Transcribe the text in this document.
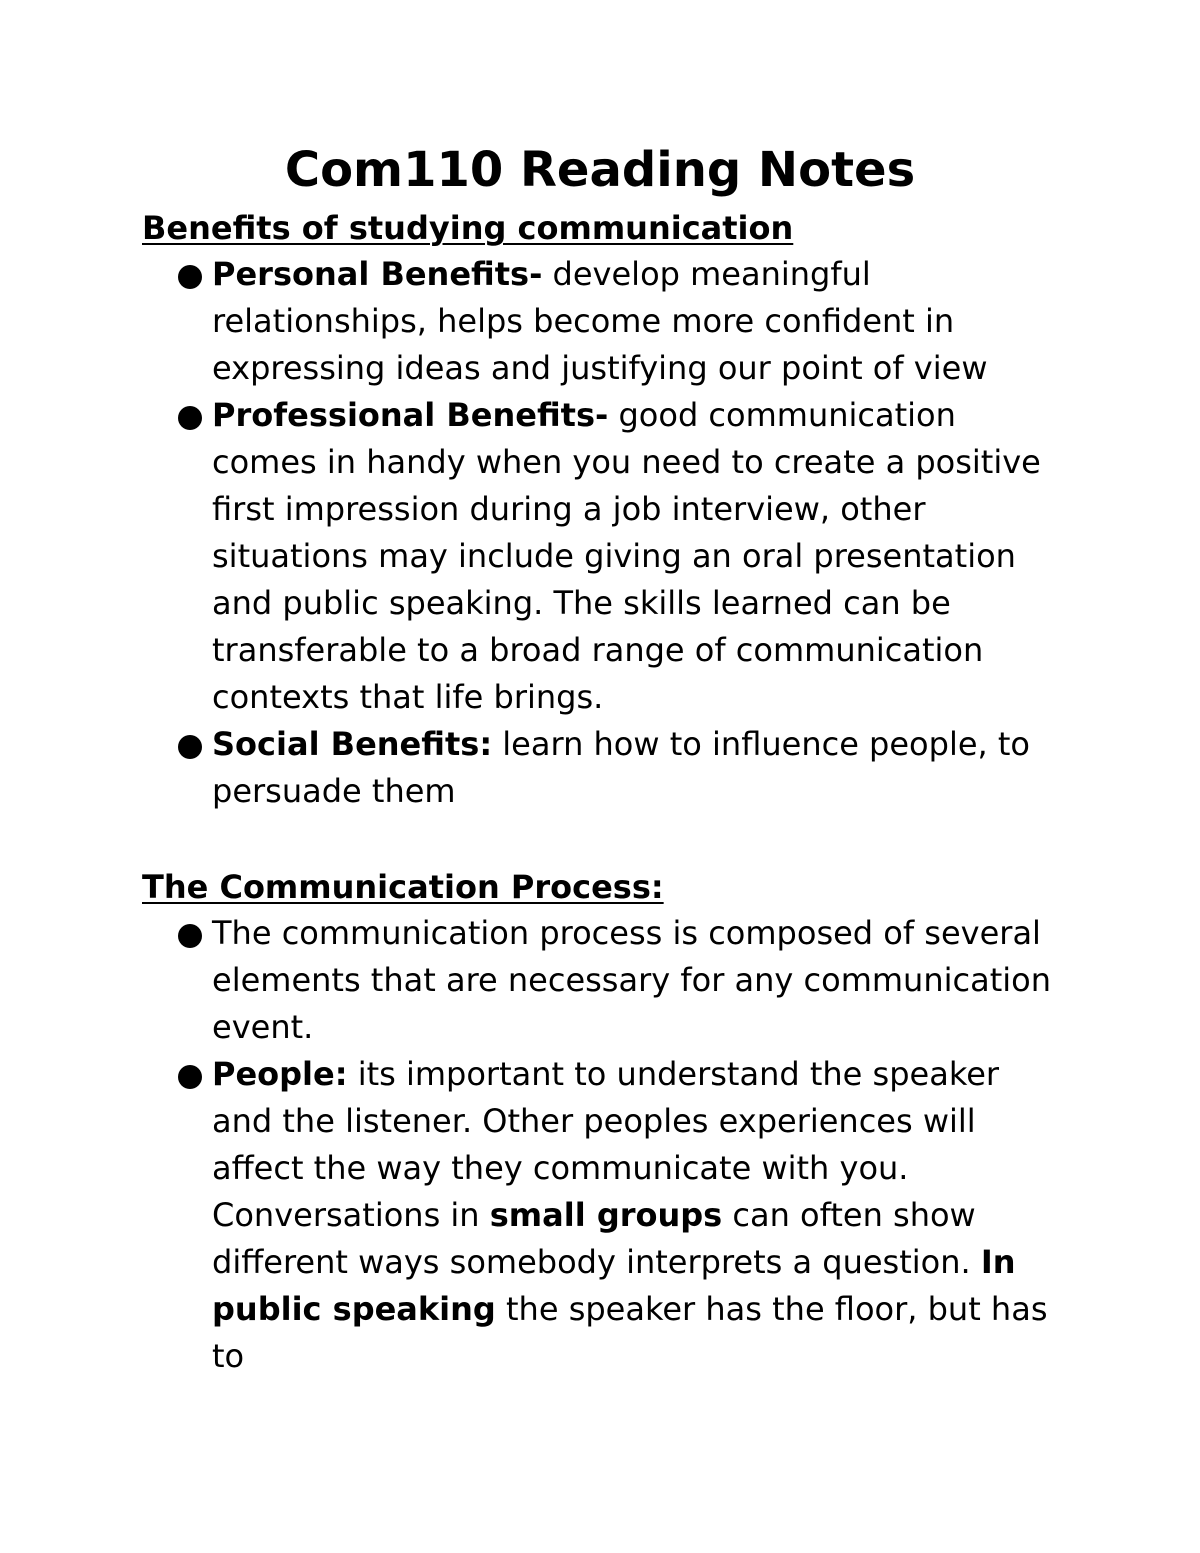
Com110 Reading Notes
Benefits of studying communication
Personal Benefits- develop meaningful relationships, helps become more confident in expressing ideas and justifying our point of view
Professional Benefits- good communication comes in handy when you need to create a positive first impression during a job interview, other situations may include giving an oral presentation and public speaking. The skills learned can be transferable to a broad range of communication contexts that life brings.
Social Benefits: learn how to influence people, to persuade them
The Communication Process:
The communication process is composed of several elements that are necessary for any communication event.
People: its important to understand the speaker and the listener. Other peoples experiences will affect the way they communicate with you. Conversations in small groups can often show different ways somebody interprets a question. In public speaking the speaker has the floor, but has to
